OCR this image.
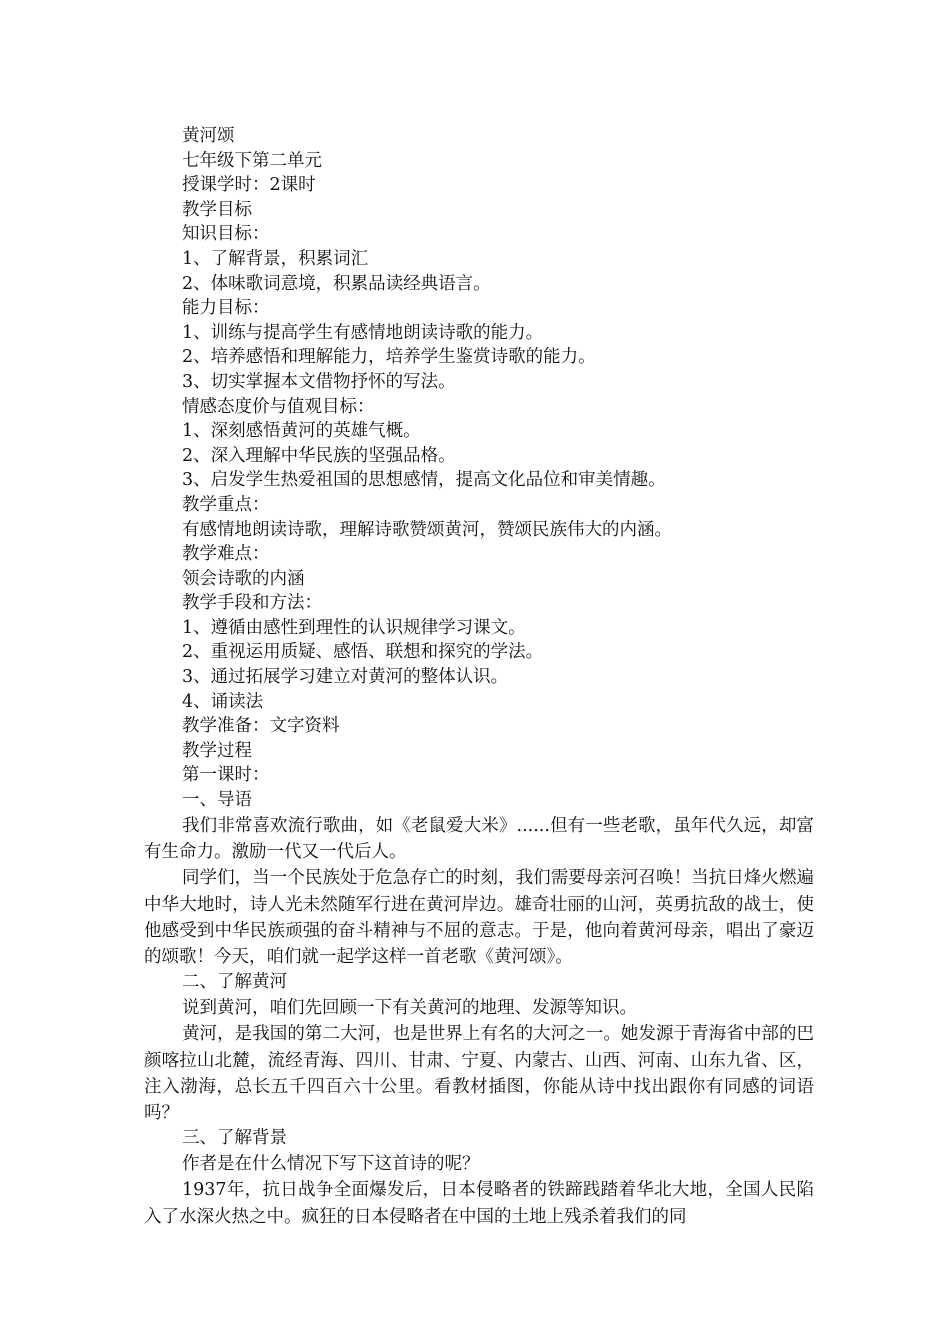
黄河颂
七年级下第二单元
授课学时：2课时
教学目标
知识目标：
1、了解背景，积累词汇
2、体味歌词意境，积累品读经典语言。
能力目标：
1、训练与提高学生有感情地朗读诗歌的能力。
2、培养感悟和理解能力，培养学生鉴赏诗歌的能力。
3、切实掌握本文借物抒怀的写法。
情感态度价与值观目标：
1、深刻感悟黄河的英雄气概。
2、深入理解中华民族的坚强品格。
3、启发学生热爱祖国的思想感情，提高文化品位和审美情趣。
教学重点：
有感情地朗读诗歌，理解诗歌赞颂黄河，赞颂民族伟大的内涵。
教学难点：
领会诗歌的内涵
教学手段和方法：
1、遵循由感性到理性的认识规律学习课文。
2、重视运用质疑、感悟、联想和探究的学法。
3、通过拓展学习建立对黄河的整体认识。
4、诵读法
教学准备：文字资料
教学过程
第一课时：
一、导语

我们非常喜欢流行歌曲，如《老鼠爱大米》......但有一些老歌，虽年代久远，却富有生命力。激励一代又一代后人。

同学们，当一个民族处于危急存亡的时刻，我们需要母亲河召唤！当抗日烽火燃遍中华大地时，诗人光未然随军行进在黄河岸边。雄奇壮丽的山河，英勇抗敌的战士，使他感受到中华民族顽强的奋斗精神与不屈的意志。于是，他向着黄河母亲，唱出了豪迈的颂歌！今天，咱们就一起学这样一首老歌《黄河颂》。

二、了解黄河

说到黄河，咱们先回顾一下有关黄河的地理、发源等知识。

黄河，是我国的第二大河，也是世界上有名的大河之一。她发源于青海省中部的巴颜喀拉山北麓，流经青海、四川、甘肃、宁夏、内蒙古、山西、河南、山东九省、区，注入渤海，总长五千四百六十公里。看教材插图，你能从诗中找出跟你有同感的词语吗？

三、了解背景

作者是在什么情况下写下这首诗的呢？

1937年，抗日战争全面爆发后，日本侵略者的铁蹄践踏着华北大地，全国人民陷入了水深火热之中。疯狂的日本侵略者在中国的土地上残杀着我们的同
